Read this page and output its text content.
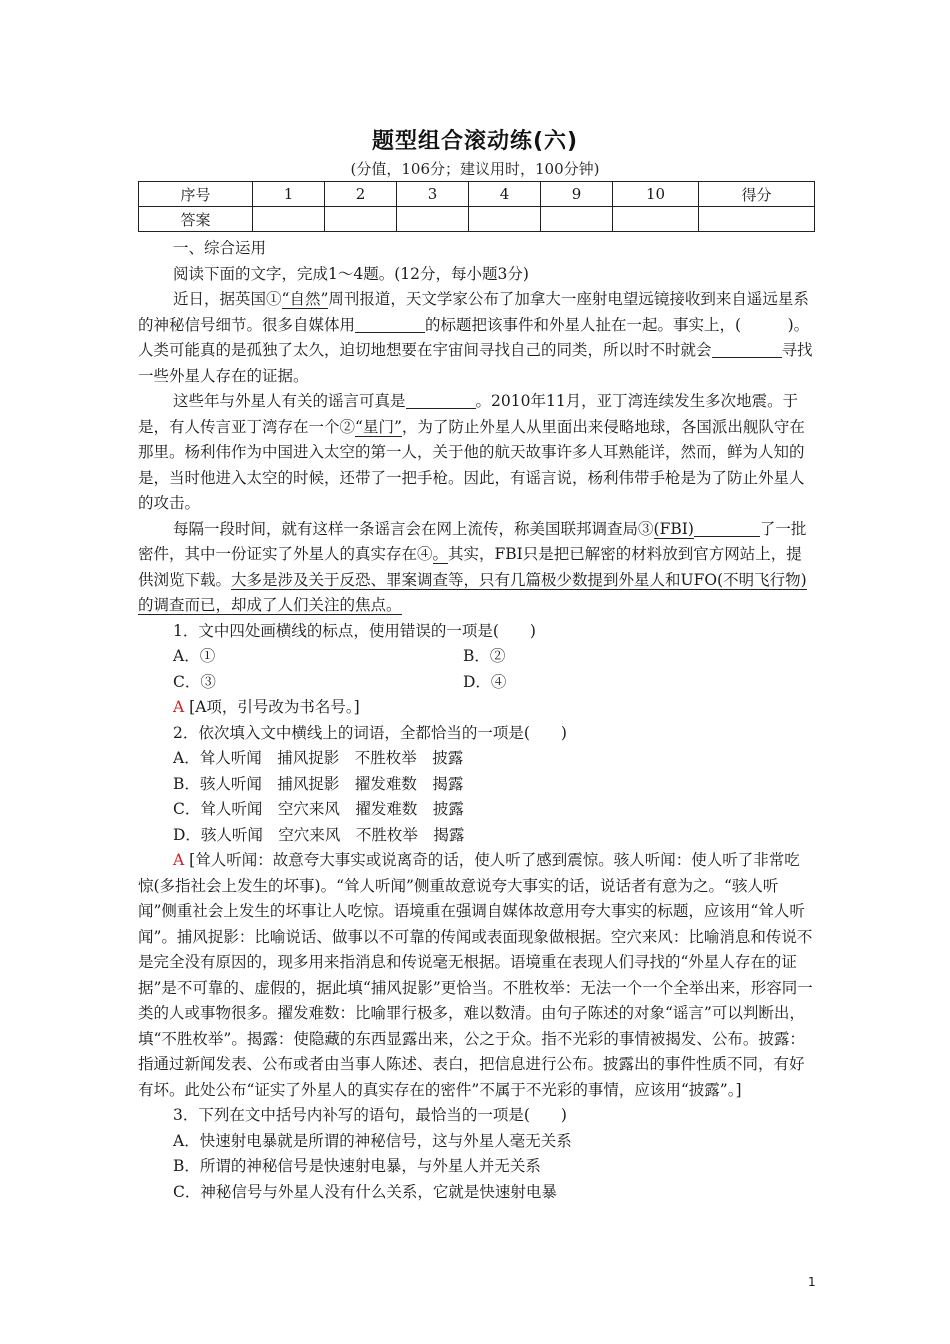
题型组合滚动练(六)
(分值，106分；建议用时，100分钟)
序号	1	2	3	4	9	10	得分
答案							

一、综合运用

阅读下面的文字，完成1～4题。(12分，每小题3分)

近日，据英国①“自然”周刊报道，天文学家公布了加拿大一座射电望远镜接收到来自遥远星系的神秘信号细节。很多自媒体用	的标题把该事件和外星人扯在一起。事实上，(　　　)。人类可能真的是孤独了太久，迫切地想要在宇宙间寻找自己的同类，所以时不时就会	寻找一些外星人存在的证据。

这些年与外星人有关的谣言可真是	。2010年11月，亚丁湾连续发生多次地震。于是，有人传言亚丁湾存在一个②“星门”，为了防止外星人从里面出来侵略地球，各国派出舰队守在那里。杨利伟作为中国进入太空的第一人，关于他的航天故事许多人耳熟能详，然而，鲜为人知的是，当时他进入太空的时候，还带了一把手枪。因此，有谣言说，杨利伟带手枪是为了防止外星人的攻击。

每隔一段时间，就有这样一条谣言会在网上流传，称美国联邦调查局③(FBI)	了一批密件，其中一份证实了外星人的真实存在④。其实，FBI只是把已解密的材料放到官方网站上，提供浏览下载。大多是涉及关于反恐、罪案调查等，只有几篇极少数提到外星人和UFO(不明飞行物)的调查而已，却成了人们关注的焦点。

1．文中四处画横线的标点，使用错误的一项是(　　)

A．①	B．②
C．③	D．④

A [A项，引号改为书名号。]

2．依次填入文中横线上的词语，全都恰当的一项是(　　)

A．耸人听闻　捕风捉影　不胜枚举　披露

B．骇人听闻　捕风捉影　擢发难数　揭露

C．耸人听闻　空穴来风　擢发难数　披露

D．骇人听闻　空穴来风　不胜枚举　揭露

A [耸人听闻：故意夸大事实或说离奇的话，使人听了感到震惊。骇人听闻：使人听了非常吃惊(多指社会上发生的坏事)。“耸人听闻”侧重故意说夸大事实的话，说话者有意为之。“骇人听闻”侧重社会上发生的坏事让人吃惊。语境重在强调自媒体故意用夸大事实的标题，应该用“耸人听闻”。捕风捉影：比喻说话、做事以不可靠的传闻或表面现象做根据。空穴来风：比喻消息和传说不是完全没有原因的，现多用来指消息和传说毫无根据。语境重在表现人们寻找的“外星人存在的证据”是不可靠的、虚假的，据此填“捕风捉影”更恰当。不胜枚举：无法一个一个全举出来，形容同一类的人或事物很多。擢发难数：比喻罪行极多，难以数清。由句子陈述的对象“谣言”可以判断出，填“不胜枚举”。揭露：使隐藏的东西显露出来，公之于众。指不光彩的事情被揭发、公布。披露：指通过新闻发表、公布或者由当事人陈述、表白，把信息进行公布。披露出的事件性质不同，有好有坏。此处公布“证实了外星人的真实存在的密件”不属于不光彩的事情，应该用“披露”。]

3．下列在文中括号内补写的语句，最恰当的一项是(　　)

A．快速射电暴就是所谓的神秘信号，这与外星人毫无关系

B．所谓的神秘信号是快速射电暴，与外星人并无关系

C．神秘信号与外星人没有什么关系，它就是快速射电暴

1
